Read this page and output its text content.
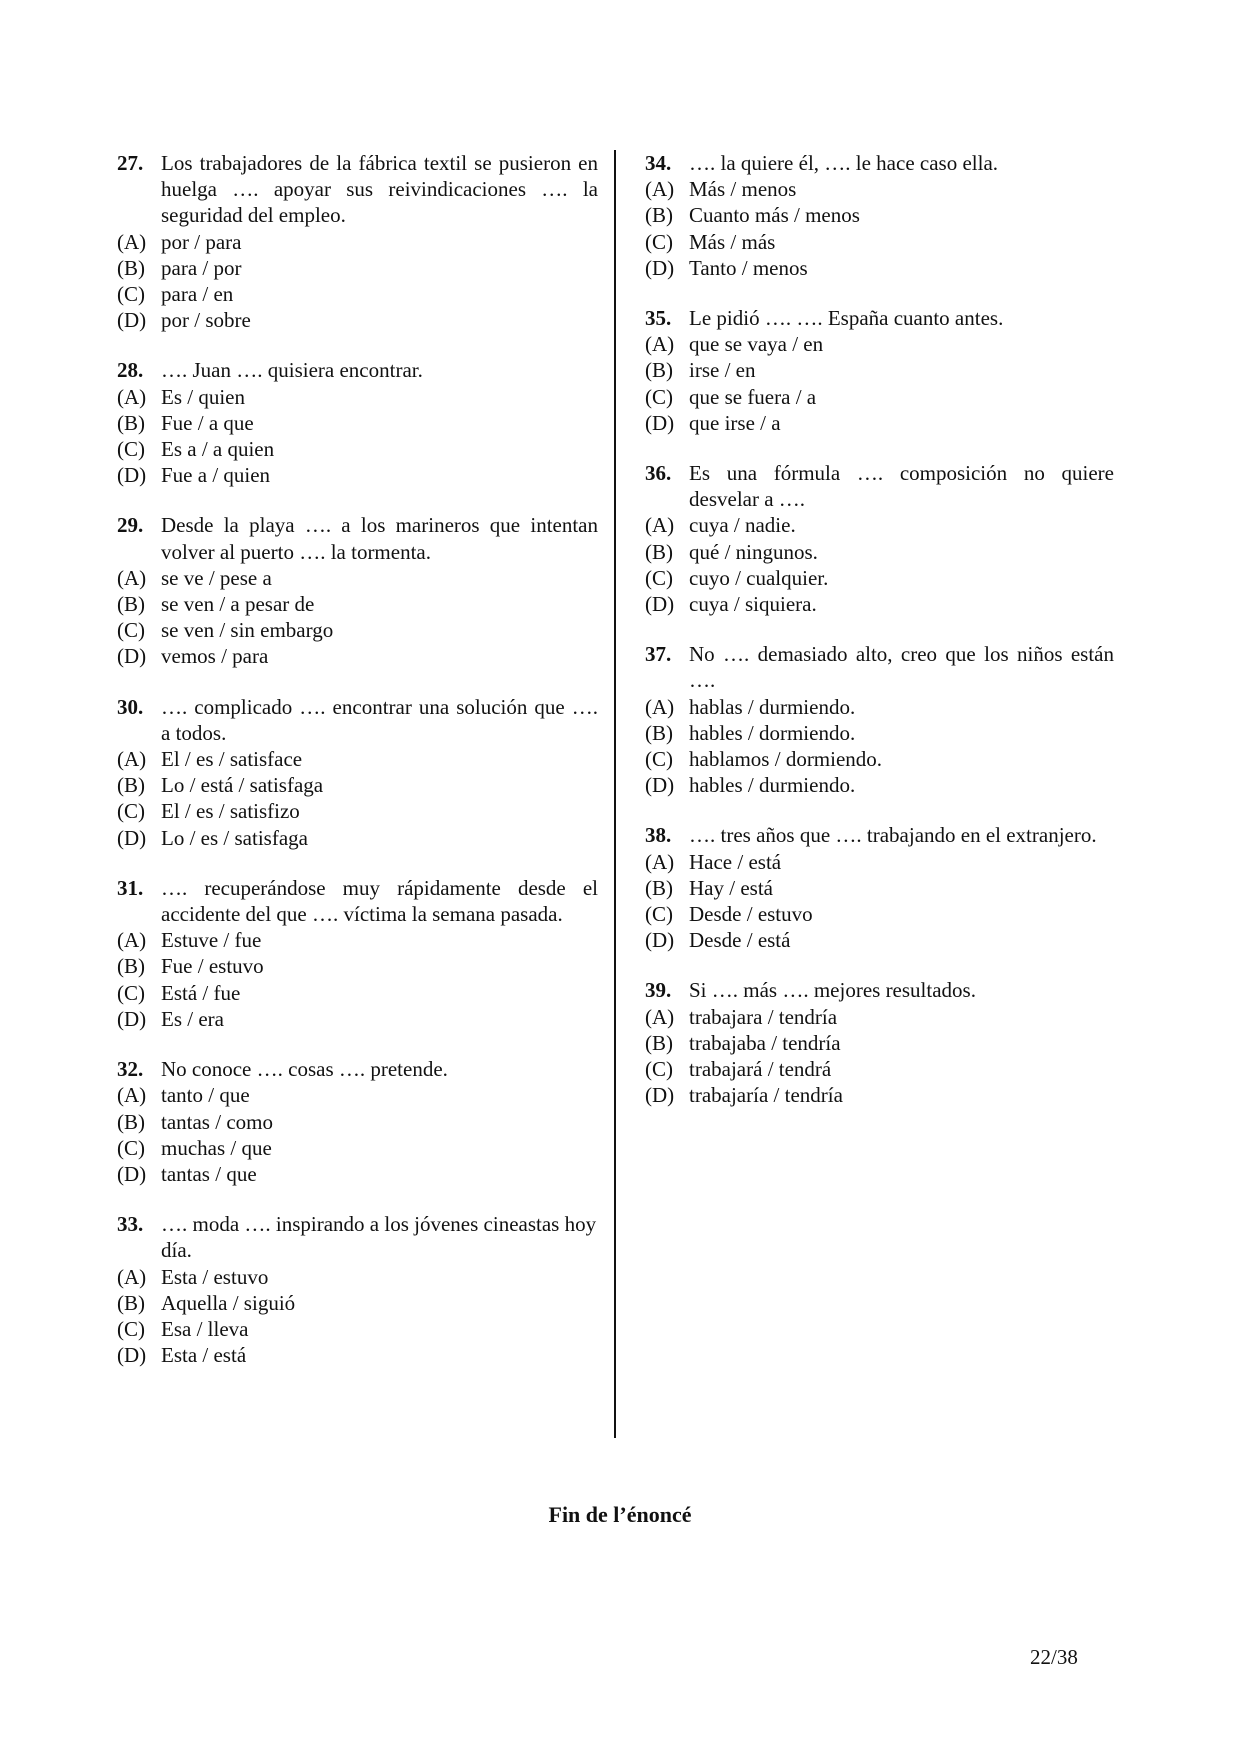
27. Los trabajadores de la fábrica textil se pusieron en huelga …. apoyar sus reivindicaciones …. la seguridad del empleo.
(A) por / para
(B) para / por
(C) para / en
(D) por / sobre
28. …. Juan …. quisiera encontrar.
(A) Es / quien
(B) Fue / a que
(C) Es a / a quien
(D) Fue a / quien
29. Desde la playa …. a los marineros que intentan volver al puerto …. la tormenta.
(A) se ve / pese a
(B) se ven / a pesar de
(C) se ven / sin embargo
(D) vemos / para
30. …. complicado …. encontrar una solución que …. a todos.
(A) El / es / satisface
(B) Lo / está / satisfaga
(C) El / es / satisfizo
(D) Lo / es / satisfaga
31. …. recuperándose muy rápidamente desde el accidente del que …. víctima la semana pasada.
(A) Estuve / fue
(B) Fue / estuvo
(C) Está / fue
(D) Es / era
32. No conoce …. cosas …. pretende.
(A) tanto / que
(B) tantas / como
(C) muchas / que
(D) tantas / que
33. …. moda …. inspirando a los jóvenes cineastas hoy día.
(A) Esta / estuvo
(B) Aquella / siguió
(C) Esa / lleva
(D) Esta / está
34. …. la quiere él, …. le hace caso ella.
(A) Más / menos
(B) Cuanto más / menos
(C) Más / más
(D) Tanto / menos
35. Le pidió …. …. España cuanto antes.
(A) que se vaya / en
(B) irse / en
(C) que se fuera / a
(D) que irse / a
36. Es una fórmula …. composición no quiere desvelar a ….
(A) cuya / nadie.
(B) qué / ningunos.
(C) cuyo / cualquier.
(D) cuya / siquiera.
37. No …. demasiado alto, creo que los niños están ….
(A) hablas / durmiendo.
(B) hables / dormiendo.
(C) hablamos / dormiendo.
(D) hables / durmiendo.
38. …. tres años que …. trabajando en el extranjero.
(A) Hace / está
(B) Hay / está
(C) Desde / estuvo
(D) Desde / está
39. Si …. más …. mejores resultados.
(A) trabajara / tendría
(B) trabajaba / tendría
(C) trabajará / tendrá
(D) trabajaría / tendría
Fin de l’énoncé
22/38
